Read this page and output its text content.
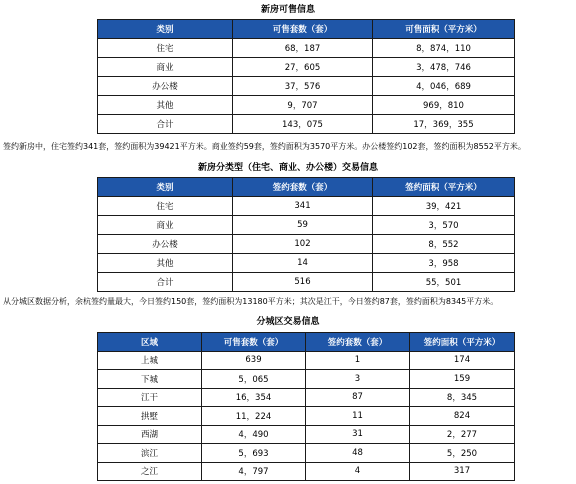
新房可售信息
类别	可售套数（套）	可售面积（平方米）
住宅	68，187	8，874，110
商业	27，605	3，478，746
办公楼	37，576	4，046，689
其他	9，707	969，810
合计	143，075	17，369，355
签约新房中，住宅签约341套，签约面积为39421平方米。商业签约59套，签约面积为3570平方米。办公楼签约102套，签约面积为8552平方米。
新房分类型（住宅、商业、办公楼）交易信息
类别	签约套数（套）	签约面积（平方米）
住宅	341	39，421
商业	59	3，570
办公楼	102	8，552
其他	14	3，958
合计	516	55，501
从分城区数据分析，余杭签约量最大，今日签约150套，签约面积为13180平方米；其次是江干，今日签约87套，签约面积为8345平方米。
分城区交易信息
区域	可售套数（套）	签约套数（套）	签约面积（平方米）
上城	639	1	174
下城	5，065	3	159
江干	16，354	87	8，345
拱墅	11，224	11	824
西湖	4，490	31	2，277
滨江	5，693	48	5，250
之江	4，797	4	317
